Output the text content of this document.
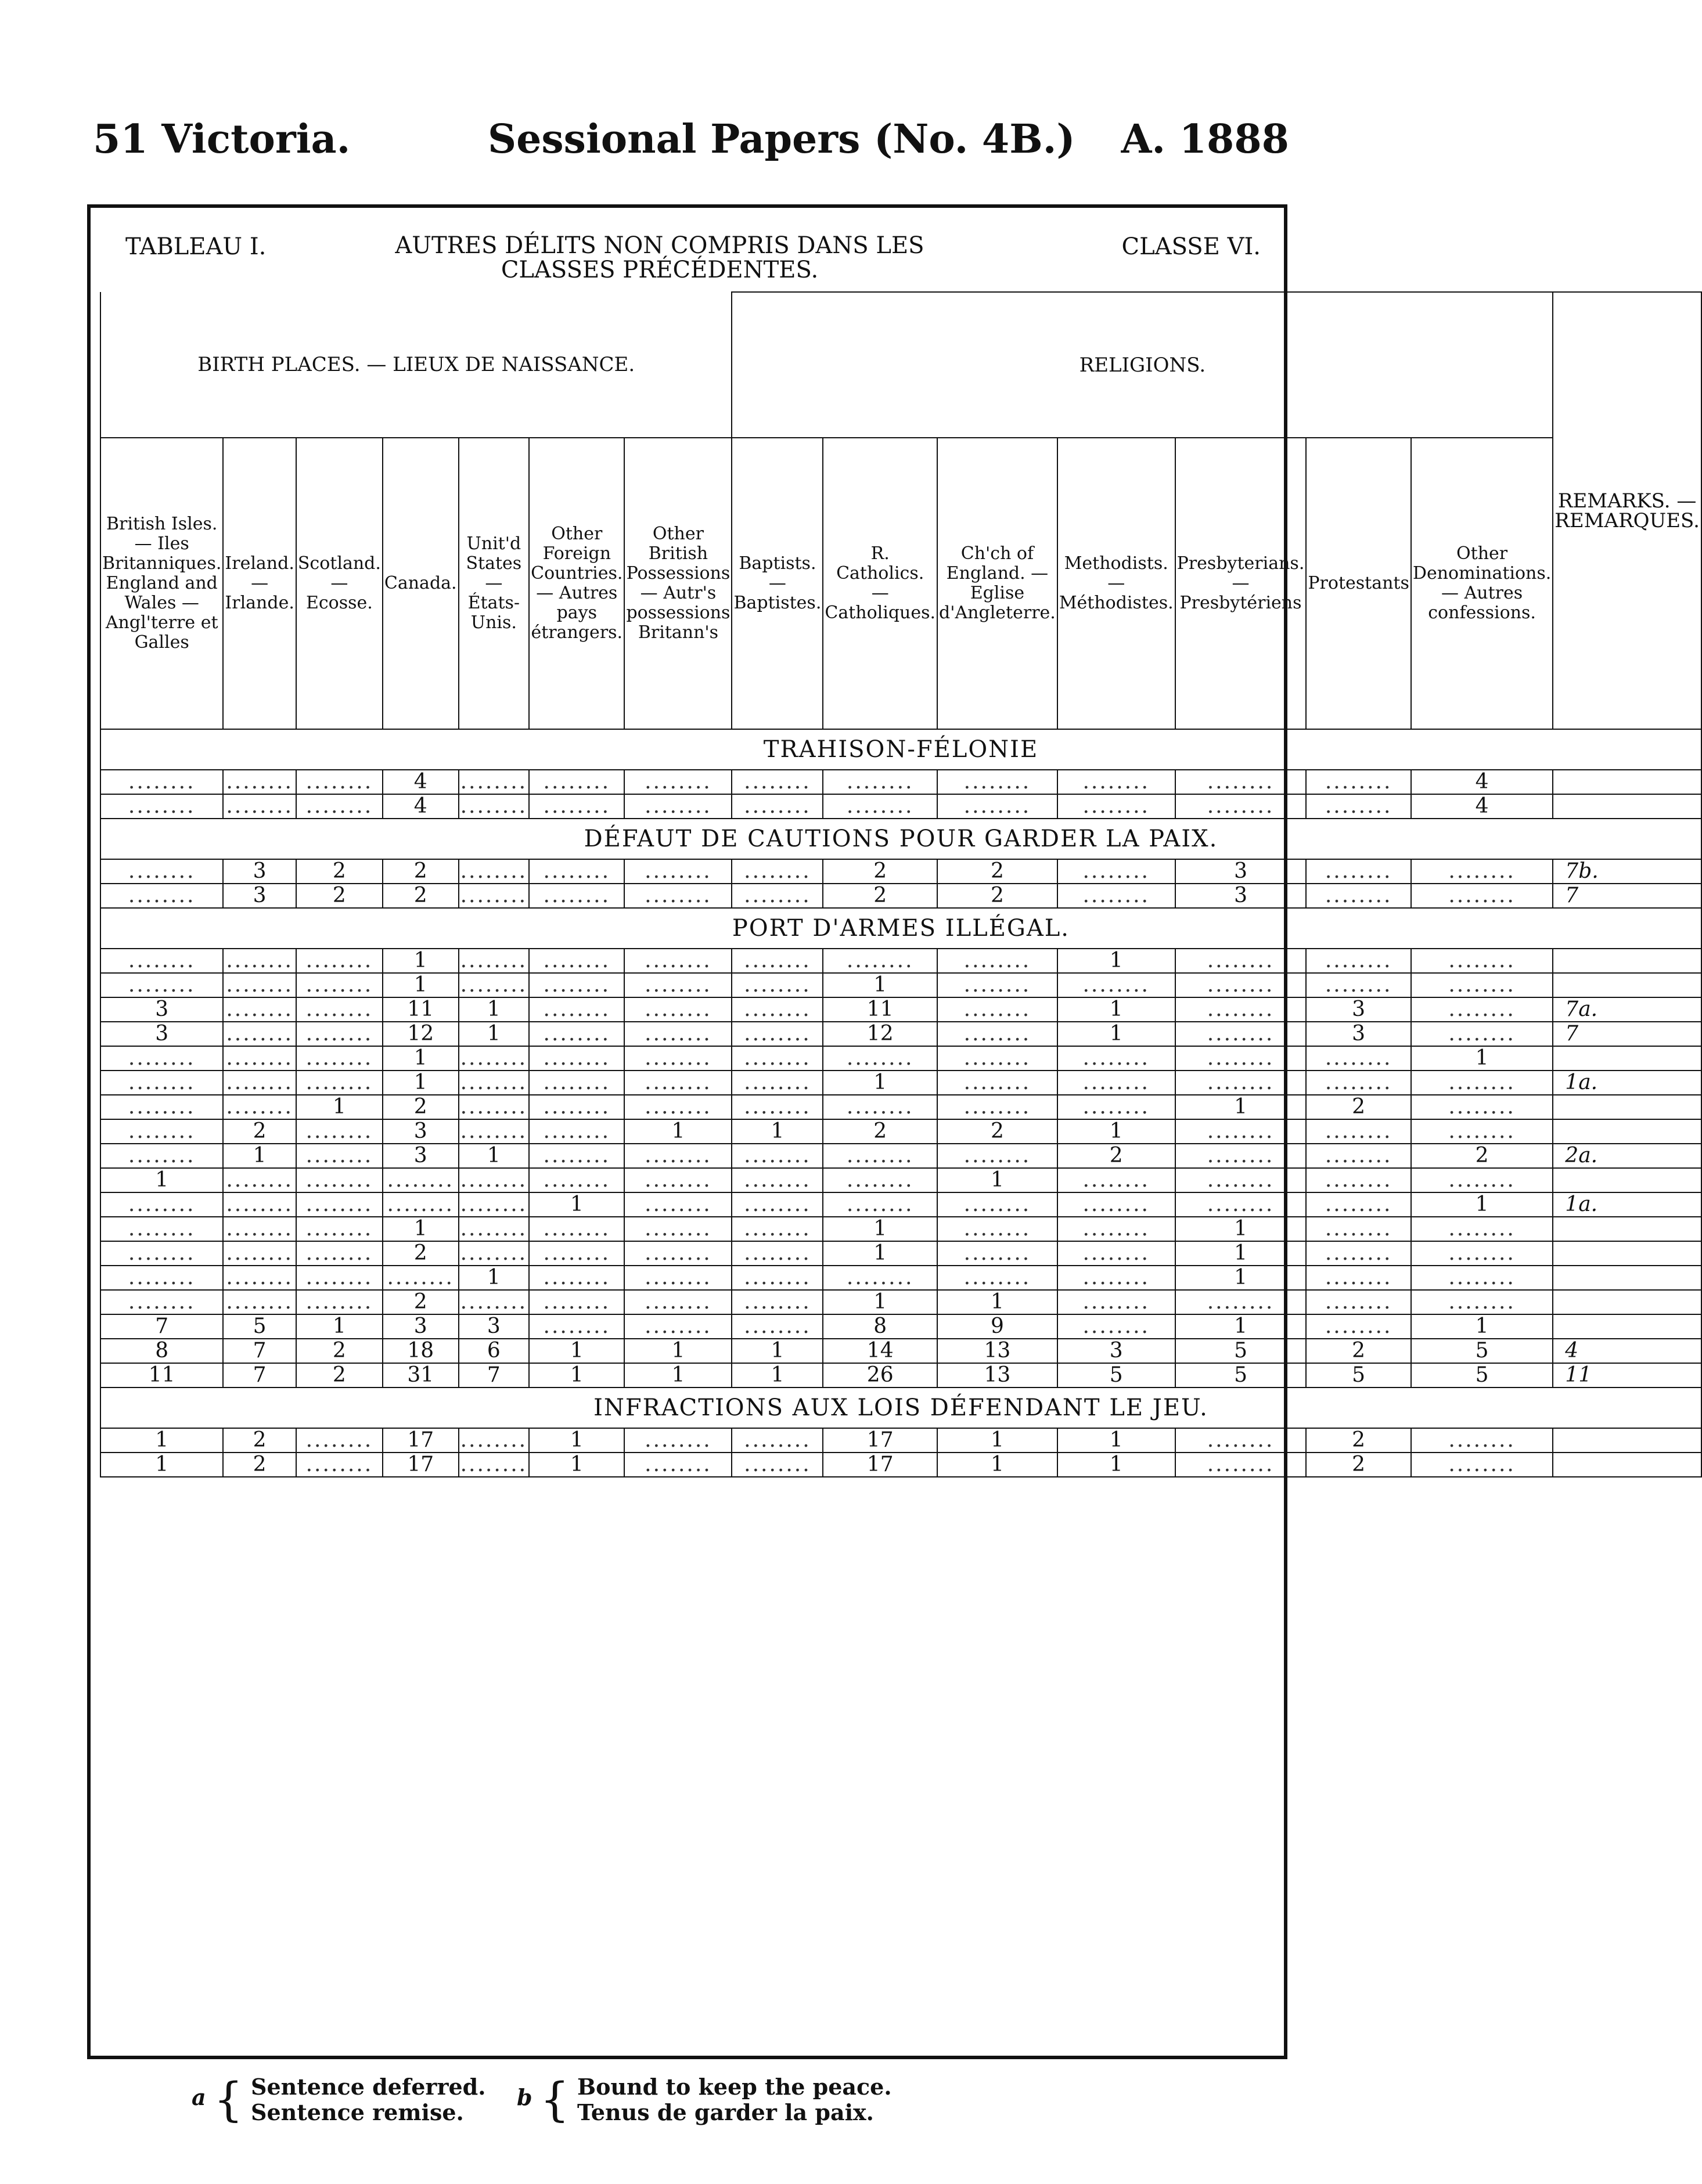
51 Victoria.	Sessional Papers (No. 4B.) A. 1888
TABLEAU I.	AUTRES DÉLITS NON COMPRIS DANS LES CLASSES PRÉCÉDENTES.
CLASSE VI.
BIRTH PLACES. — LIEUX DE NAISSANCE.							RELIGIONS.							REMARKS. — REMARQUES.
British Isles. — Iles Britanniques. England and Wales — Angl'terre et Galles	Ireland. — Irlande.	Scotland. — Ecosse.	Canada.	Unit'd States — États-Unis.	Other Foreign Countries. — Autres pays étrangers.	Other British Possessions — Autr's possessions Britann's	Baptists. — Baptistes.	R. Catholics. — Catholiques.	Ch'ch of England. — Eglise d'Angleterre.	Methodists. — Méthodistes.	Presbyterians. — Presbytériens	Protestants	Other Denominations. — Autres confessions.	
TRAHISON-FÉLONIE														
........	........	........	4	........	........	........	........	........	........	........	........	........	4	
........	........	........	4	........	........	........	........	........	........	........	........	........	4	
DÉFAUT DE CAUTIONS POUR GARDER LA PAIX.														
........	3	2	2	........	........	........	........	2	2	........	3	........	........	7b.
........	3	2	2	........	........	........	........	2	2	........	3	........	........	7
PORT D'ARMES ILLÉGAL.														
........	........	........	1	........	........	........	........	........	........	1	........	........	........	
........	........	........	1	........	........	........	........	1	........	........	........	........	........	
3	........	........	11	1	........	........	........	11	........	1	........	3	........	7a.
3	........	........	12	1	........	........	........	12	........	1	........	3	........	7
........	........	........	1	........	........	........	........	........	........	........	........	........	1	
........	........	........	1	........	........	........	........	1	........	........	........	........	........	1a.
........	........	1	2	........	........	........	........	........	........	........	1	2	........	
........	2	........	3	........	........	1	1	2	2	1	........	........	........	
........	1	........	3	1	........	........	........	........	........	2	........	........	2	2a.
1	........	........	........	........	........	........	........	........	1	........	........	........	........	
........	........	........	........	........	1	........	........	........	........	........	........	........	1	1a.
........	........	........	1	........	........	........	........	1	........	........	1	........	........	
........	........	........	2	........	........	........	........	1	........	........	1	........	........	
........	........	........	........	1	........	........	........	........	........	........	1	........	........	
........	........	........	2	........	........	........	........	1	1	........	........	........	........	
7	5	1	3	3	........	........	........	8	9	........	1	........	1	
8	7	2	18	6	1	1	1	14	13	3	5	2	5	4
11	7	2	31	7	1	1	1	26	13	5	5	5	5	11
INFRACTIONS AUX LOIS DÉFENDANT LE JEU.														
1	2	........	17	........	1	........	........	17	1	1	........	2	........	
1	2	........	17	........	1	........	........	17	1	1	........	2	........	
a { Sentence deferred.
Sentence remise.
b { Bound to keep the peace.
Tenus de garder la paix.
